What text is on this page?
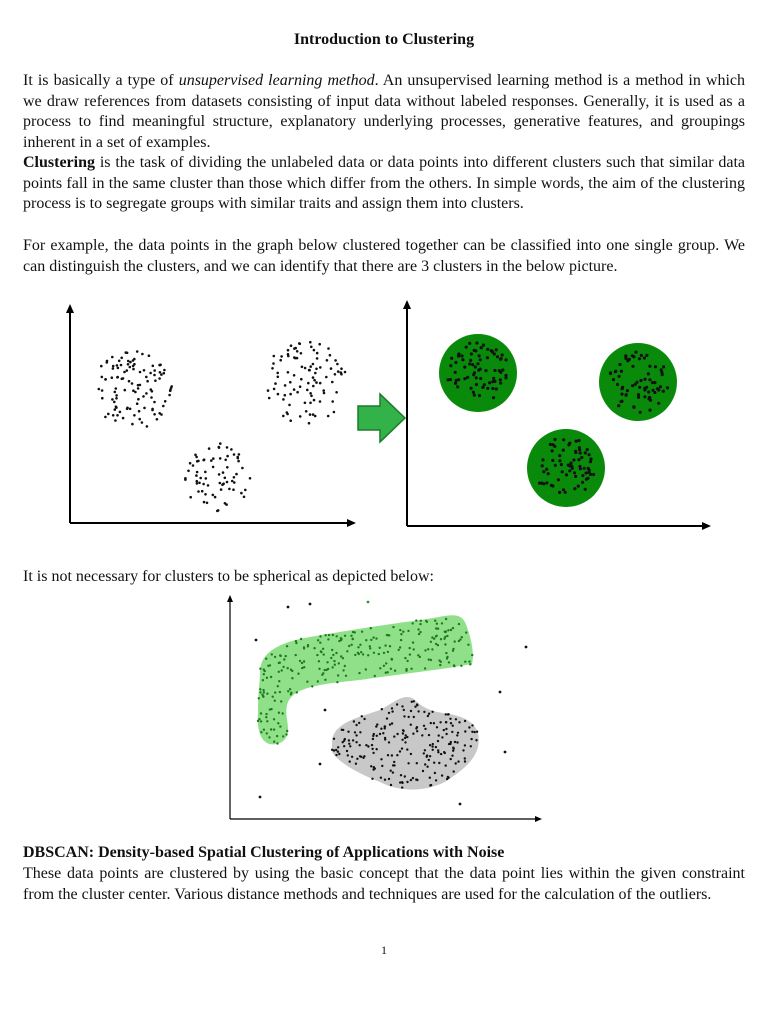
Introduction to Clustering

It is basically a type of unsupervised learning method. An unsupervised learning method is a method in which we draw references from datasets consisting of input data without labeled responses. Generally, it is used as a process to find meaningful structure, explanatory underlying processes, generative features, and groupings inherent in a set of examples.

Clustering is the task of dividing the unlabeled data or data points into different clusters such that similar data points fall in the same cluster than those which differ from the others. In simple words, the aim of the clustering process is to segregate groups with similar traits and assign them into clusters.

For example, the data points in the graph below clustered together can be classified into one single group. We can distinguish the clusters, and we can identify that there are 3 clusters in the below picture.

It is not necessary for clusters to be spherical as depicted below:

DBSCAN: Density-based Spatial Clustering of Applications with Noise

These data points are clustered by using the basic concept that the data point lies within the given constraint from the cluster center. Various distance methods and techniques are used for the calculation of the outliers.

1
